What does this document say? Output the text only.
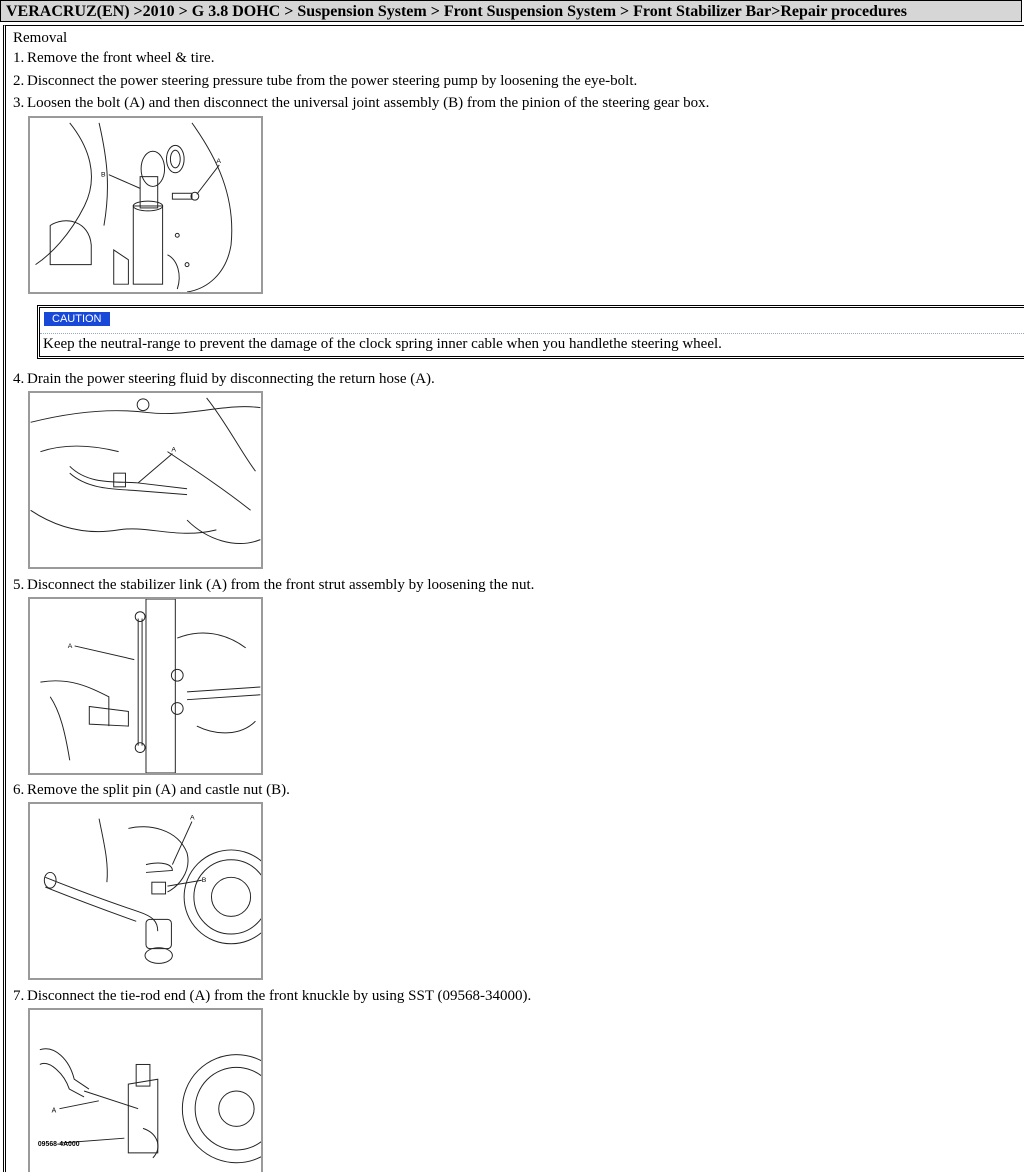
VERACRUZ(EN) >2010 > G 3.8 DOHC > Suspension System > Front Suspension System > Front Stabilizer Bar>Repair procedures
Removal
1. Remove the front wheel & tire.
2. Disconnect the power steering pressure tube from the power steering pump by loosening the eye-bolt.
3. Loosen the bolt (A) and then disconnect the universal joint assembly (B) from the pinion of the steering gear box.
B
A
CAUTION
Keep the neutral-range to prevent the damage of the clock spring inner cable when you handlethe steering wheel.
4. Drain the power steering fluid by disconnecting the return hose (A).
A
5. Disconnect the stabilizer link (A) from the front strut assembly by loosening the nut.
A
6. Remove the split pin (A) and castle nut (B).
A
B
7. Disconnect the tie-rod end (A) from the front knuckle by using SST (09568-34000).
A
09568-4A000
